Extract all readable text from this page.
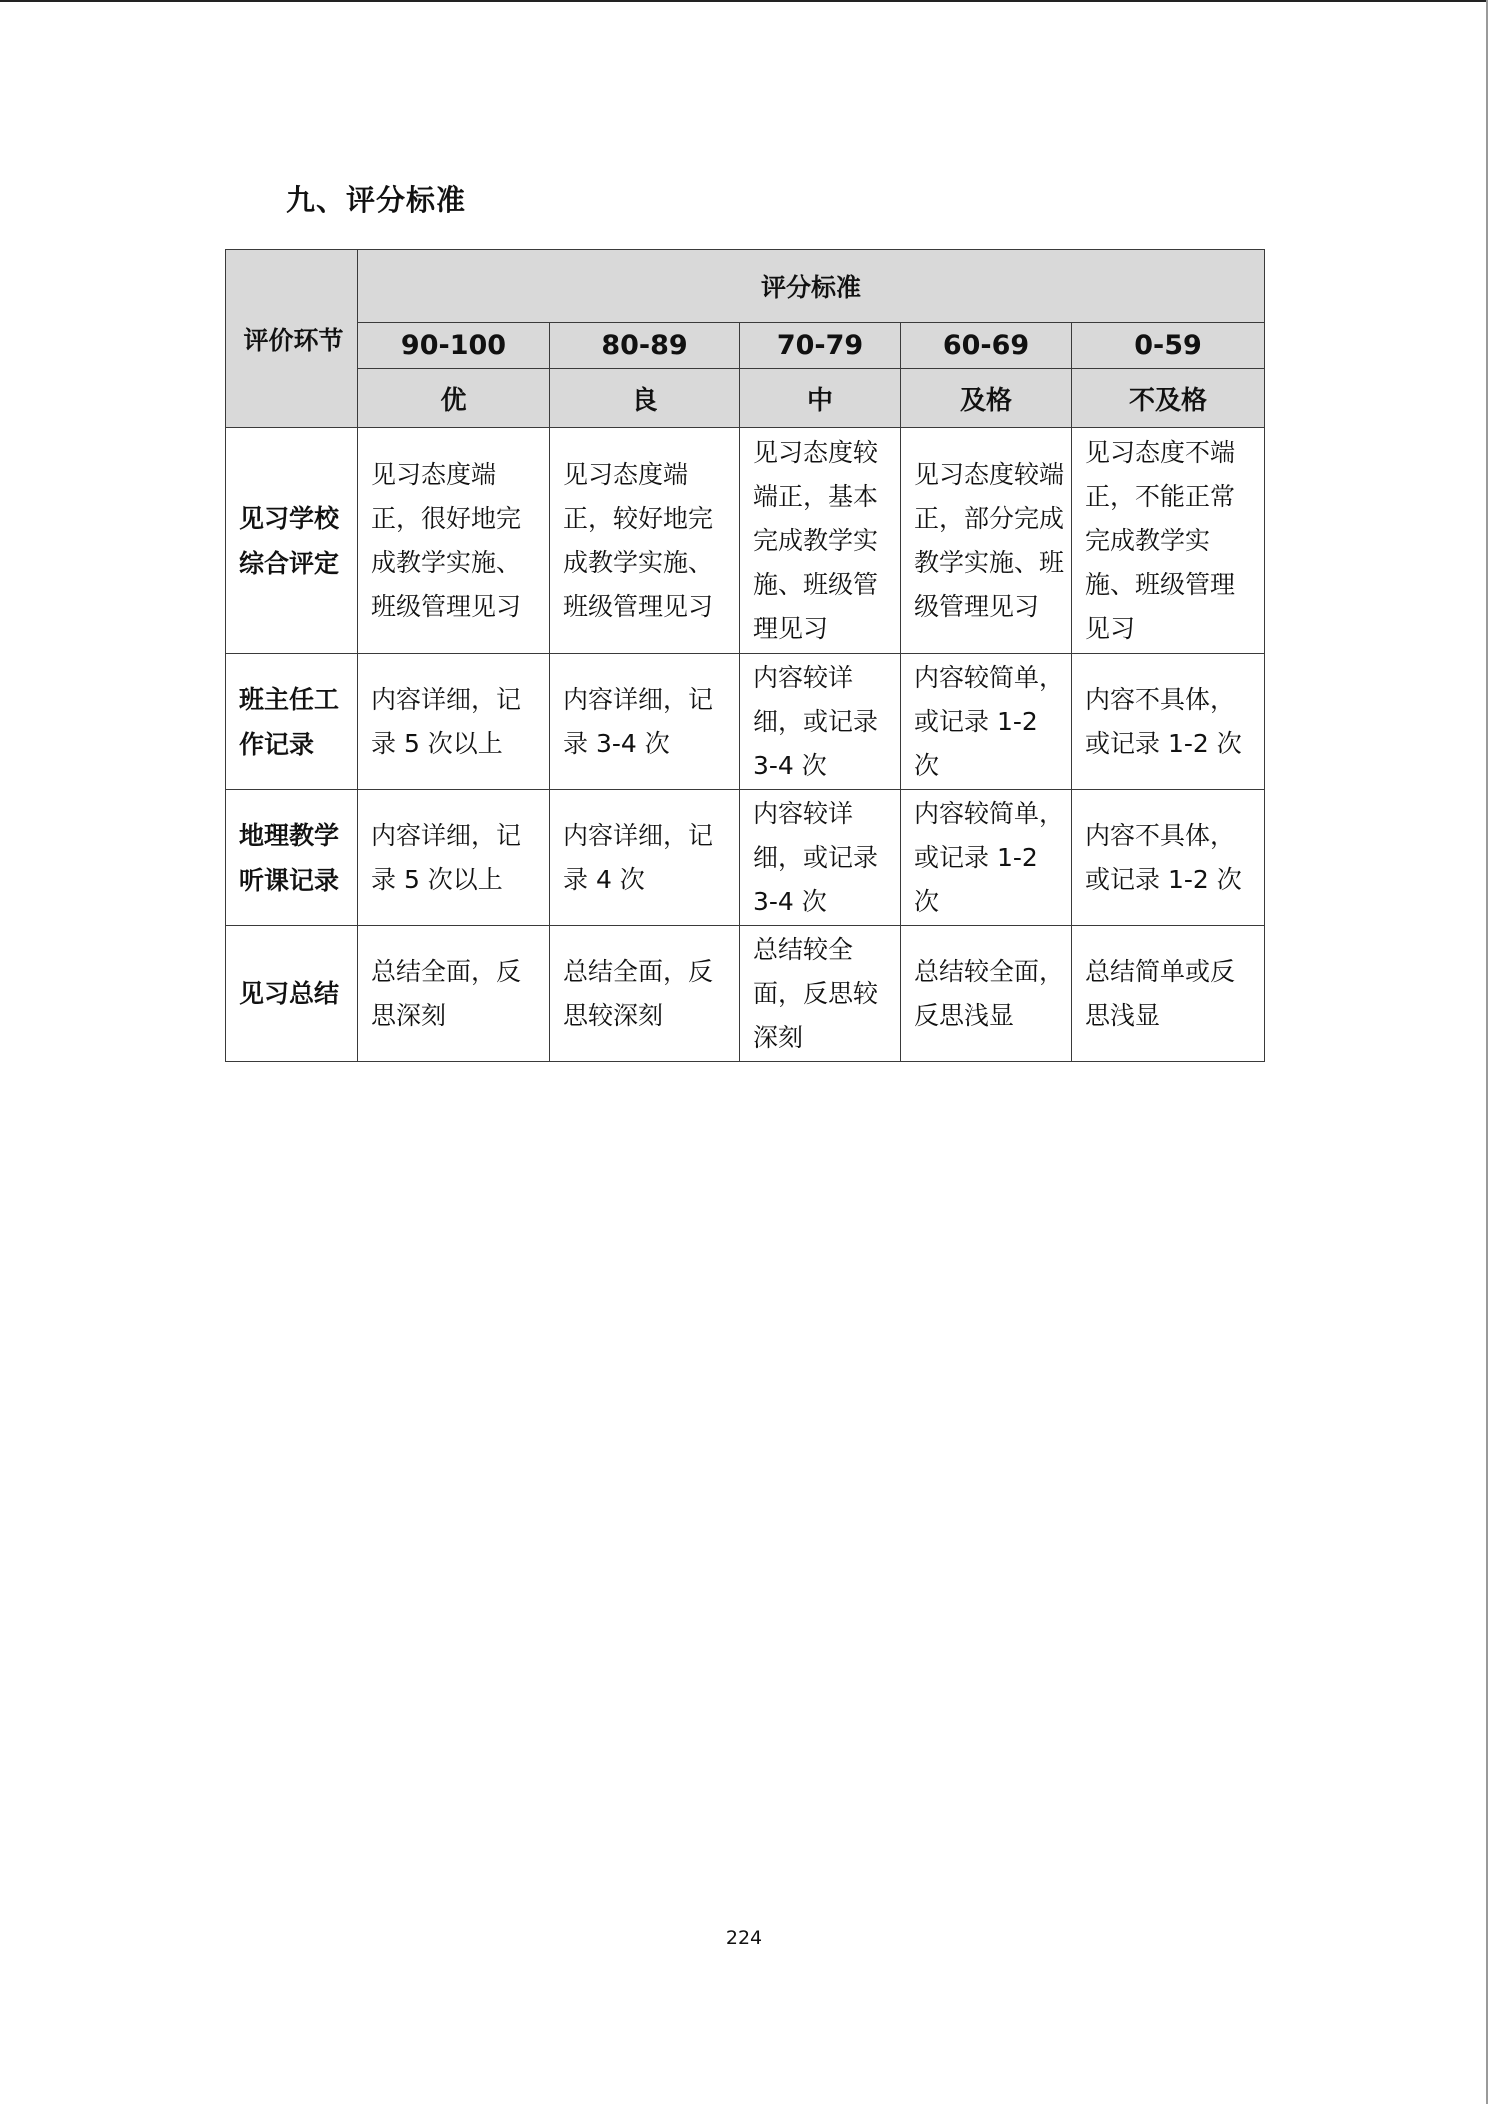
九、评分标准
评价环节	评分标准				
	90-100	80-89	70-79	60-69	0-59
	优	良	中	及格	不及格
见习学校综合评定	见习态度端正，很好地完成教学实施、班级管理见习	见习态度端正，较好地完成教学实施、班级管理见习	见习态度较端正，基本完成教学实施、班级管理见习	见习态度较端正，部分完成教学实施、班级管理见习	见习态度不端正，不能正常完成教学实施、班级管理见习
班主任工作记录	内容详细，记录 5 次以上	内容详细，记录 3-4 次	内容较详细，或记录 3-4 次	内容较简单，或记录 1-2 次	内容不具体，或记录 1-2 次
地理教学听课记录	内容详细，记录 5 次以上	内容详细，记录 4 次	内容较详细，或记录 3-4 次	内容较简单，或记录 1-2 次	内容不具体，或记录 1-2 次
见习总结	总结全面，反思深刻	总结全面，反思较深刻	总结较全面，反思较深刻	总结较全面，反思浅显	总结简单或反思浅显
224
